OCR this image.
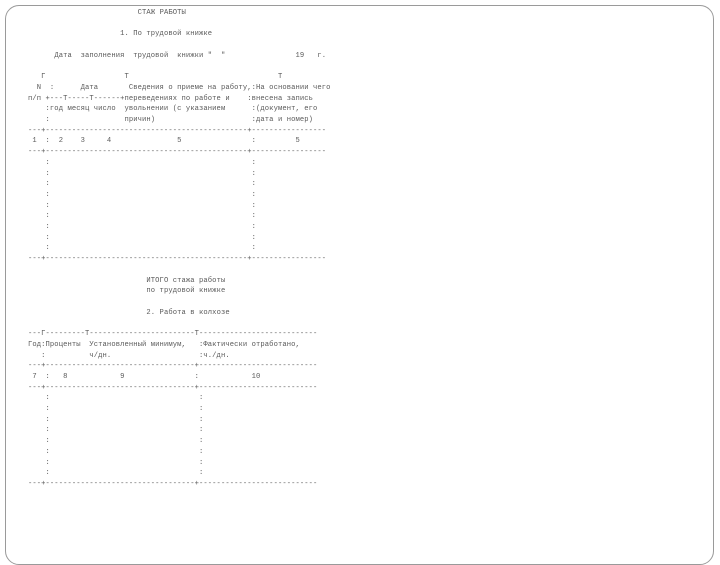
СТАЖ РАБОТЫ

1. По трудовой книжке

Дата  заполнения  трудовой  книжки "  "                19   г.

Г                  Т                                  Т
N  :      Дата       Сведения о приеме на работу,:На основании чего
п/п +---T-----T------+переведениях по работе и    :внесена запись
:год месяц число  увольнении (с указанием      :(документ, его
:                 причин)                      :дата и номер)
---+----------------------------------------------+-----------------
1  :  2    3     4               5                :         5
---+----------------------------------------------+-----------------
:                                              :
:                                              :
:                                              :
:                                              :
:                                              :
:                                              :
:                                              :
:                                              :
:                                              :
---+----------------------------------------------+-----------------

ИТОГО стажа работы
по трудовой книжке

2. Работа в колхозе

---Г---------T------------------------T---------------------------
Год:Проценты  Установленный минимум,   :Фактически отработано,
:          ч/дн.                    :ч./дн.
---+----------------------------------+---------------------------
7  :   8            9                :            10
---+----------------------------------+---------------------------
:                                  :
:                                  :
:                                  :
:                                  :
:                                  :
:                                  :
:                                  :
:                                  :
---+----------------------------------+---------------------------
